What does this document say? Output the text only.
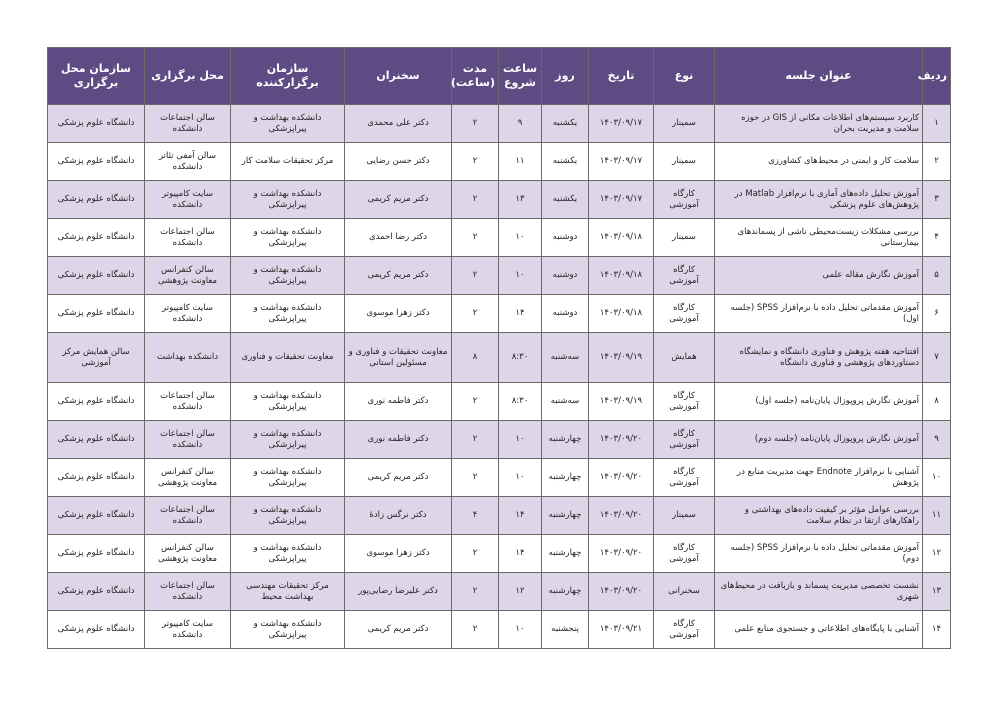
ردیف	عنوان جلسه	نوع	تاریخ	روز	ساعت شروع	مدت (ساعت)	سخنران	سازمان برگزارکننده	محل برگزاری	سازمان محل برگزاری
۱	کاربرد سیستم‌های اطلاعات مکانی از GIS در حوزه سلامت و مدیریت بحران	سمینار	۱۴۰۳/۰۹/۱۷	یکشنبه	۹	۲	دکتر علی محمدی	دانشکده بهداشت و پیراپزشکی	سالن اجتماعات دانشکده	دانشگاه علوم پزشکی
۲	سلامت کار و ایمنی در محیط‌های کشاورزی	سمینار	۱۴۰۳/۰۹/۱۷	یکشنبه	۱۱	۲	دکتر حسن رضایی	مرکز تحقیقات سلامت کار	سالن آمفی تئاتر دانشکده	دانشگاه علوم پزشکی
۳	آموزش تحلیل داده‌های آماری با نرم‌افزار Matlab در پژوهش‌های علوم پزشکی	کارگاه آموزشی	۱۴۰۳/۰۹/۱۷	یکشنبه	۱۳	۲	دکتر مریم کریمی	دانشکده بهداشت و پیراپزشکی	سایت کامپیوتر دانشکده	دانشگاه علوم پزشکی
۴	بررسی مشکلات زیست‌محیطی ناشی از پسماندهای بیمارستانی	سمینار	۱۴۰۳/۰۹/۱۸	دوشنبه	۱۰	۲	دکتر رضا احمدی	دانشکده بهداشت و پیراپزشکی	سالن اجتماعات دانشکده	دانشگاه علوم پزشکی
۵	آموزش نگارش مقاله علمی	کارگاه آموزشی	۱۴۰۳/۰۹/۱۸	دوشنبه	۱۰	۲	دکتر مریم کریمی	دانشکده بهداشت و پیراپزشکی	سالن کنفرانس معاونت پژوهشی	دانشگاه علوم پزشکی
۶	آموزش مقدماتی تحلیل داده با نرم‌افزار SPSS (جلسه اول)	کارگاه آموزشی	۱۴۰۳/۰۹/۱۸	دوشنبه	۱۴	۲	دکتر زهرا موسوی	دانشکده بهداشت و پیراپزشکی	سایت کامپیوتر دانشکده	دانشگاه علوم پزشکی
۷	افتتاحیه هفته پژوهش و فناوری دانشگاه و نمایشگاه دستاوردهای پژوهشی و فناوری دانشگاه	همایش	۱۴۰۳/۰۹/۱۹	سه‌شنبه	۸:۳۰	۸	معاونت تحقیقات و فناوری و مسئولین استانی	معاونت تحقیقات و فناوری	دانشکده بهداشت	سالن همایش مرکز آموزشی
۸	آموزش نگارش پروپوزال پایان‌نامه (جلسه اول)	کارگاه آموزشی	۱۴۰۳/۰۹/۱۹	سه‌شنبه	۸:۳۰	۲	دکتر فاطمه نوری	دانشکده بهداشت و پیراپزشکی	سالن اجتماعات دانشکده	دانشگاه علوم پزشکی
۹	آموزش نگارش پروپوزال پایان‌نامه (جلسه دوم)	کارگاه آموزشی	۱۴۰۳/۰۹/۲۰	چهارشنبه	۱۰	۲	دکتر فاطمه نوری	دانشکده بهداشت و پیراپزشکی	سالن اجتماعات دانشکده	دانشگاه علوم پزشکی
۱۰	آشنایی با نرم‌افزار Endnote جهت مدیریت منابع در پژوهش	کارگاه آموزشی	۱۴۰۳/۰۹/۲۰	چهارشنبه	۱۰	۲	دکتر مریم کریمی	دانشکده بهداشت و پیراپزشکی	سالن کنفرانس معاونت پژوهشی	دانشگاه علوم پزشکی
۱۱	بررسی عوامل مؤثر بر کیفیت داده‌های بهداشتی و راهکارهای ارتقا در نظام سلامت	سمینار	۱۴۰۳/۰۹/۲۰	چهارشنبه	۱۴	۴	دکتر نرگس زادهٔ	دانشکده بهداشت و پیراپزشکی	سالن اجتماعات دانشکده	دانشگاه علوم پزشکی
۱۲	آموزش مقدماتی تحلیل داده با نرم‌افزار SPSS (جلسه دوم)	کارگاه آموزشی	۱۴۰۳/۰۹/۲۰	چهارشنبه	۱۴	۲	دکتر زهرا موسوی	دانشکده بهداشت و پیراپزشکی	سالن کنفرانس معاونت پژوهشی	دانشگاه علوم پزشکی
۱۳	نشست تخصصی مدیریت پسماند و بازیافت در محیط‌های شهری	سخنرانی	۱۴۰۳/۰۹/۲۰	چهارشنبه	۱۲	۲	دکتر علیرضا رضایی‌پور	مرکز تحقیقات مهندسی بهداشت محیط	سالن اجتماعات دانشکده	دانشگاه علوم پزشکی
۱۴	آشنایی با پایگاه‌های اطلاعاتی و جستجوی منابع علمی	کارگاه آموزشی	۱۴۰۳/۰۹/۲۱	پنجشنبه	۱۰	۲	دکتر مریم کریمی	دانشکده بهداشت و پیراپزشکی	سایت کامپیوتر دانشکده	دانشگاه علوم پزشکی
